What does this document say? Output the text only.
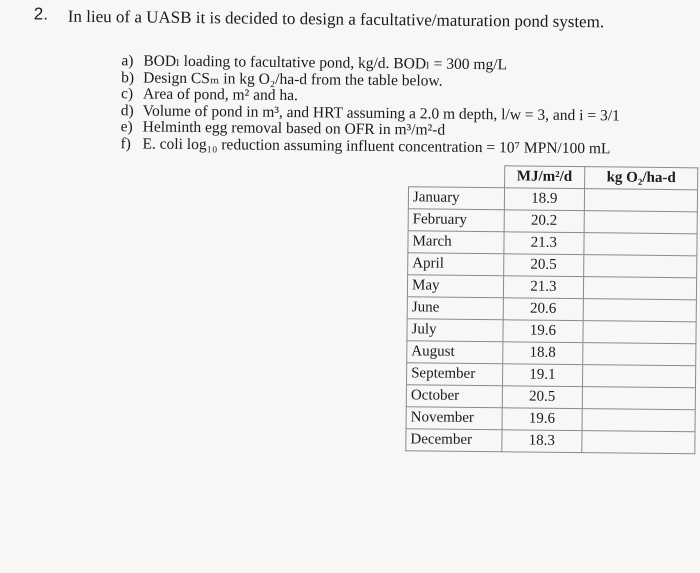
2. In lieu of a UASB it is decided to design a facultative/maturation pond system.
a) BODₗ loading to facultative pond, kg/d. BODₗ = 300 mg/L
b) Design CSₘ in kg O₂/ha-d from the table below.
c) Area of pond, m² and ha.
d) Volume of pond in m³, and HRT assuming a 2.0 m depth, l/w = 3, and i = 3/1
e) Helminth egg removal based on OFR in m³/m²-d
f) E. coli log₁₀ reduction assuming influent concentration = 10⁷ MPN/100 mL
	MJ/m²/d	kg O₂/ha-d
January	18.9	
February	20.2	
March	21.3	
April	20.5	
May	21.3	
June	20.6	
July	19.6	
August	18.8	
September	19.1	
October	20.5	
November	19.6	
December	18.3	
